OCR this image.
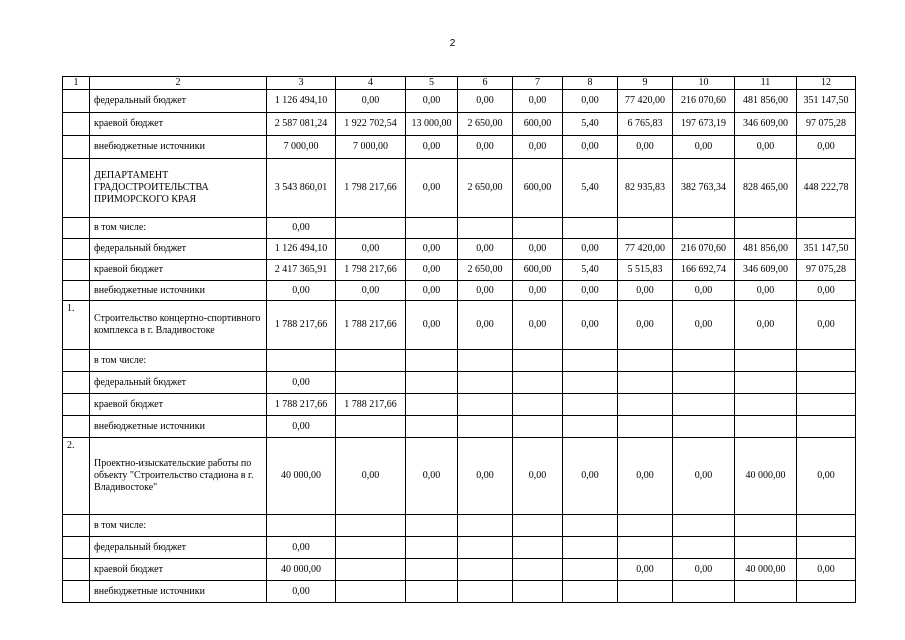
2
1	2	3	4	5	6	7	8	9	10	11	12
	федеральный бюджет	1 126 494,10	0,00	0,00	0,00	0,00	0,00	77 420,00	216 070,60	481 856,00	351 147,50
	краевой бюджет	2 587 081,24	1 922 702,54	13 000,00	2 650,00	600,00	5,40	6 765,83	197 673,19	346 609,00	97 075,28
	внебюджетные источники	7 000,00	7 000,00	0,00	0,00	0,00	0,00	0,00	0,00	0,00	0,00
	ДЕПАРТАМЕНТ ГРАДОСТРОИТЕЛЬСТВА ПРИМОРСКОГО КРАЯ	3 543 860,01	1 798 217,66	0,00	2 650,00	600,00	5,40	82 935,83	382 763,34	828 465,00	448 222,78
	в том числе:	0,00									
	федеральный бюджет	1 126 494,10	0,00	0,00	0,00	0,00	0,00	77 420,00	216 070,60	481 856,00	351 147,50
	краевой бюджет	2 417 365,91	1 798 217,66	0,00	2 650,00	600,00	5,40	5 515,83	166 692,74	346 609,00	97 075,28
	внебюджетные источники	0,00	0,00	0,00	0,00	0,00	0,00	0,00	0,00	0,00	0,00
1.	Строительство концертно-спортивного комплекса в г. Владивостоке	1 788 217,66	1 788 217,66	0,00	0,00	0,00	0,00	0,00	0,00	0,00	0,00
	в том числе:										
	федеральный бюджет	0,00									
	краевой бюджет	1 788 217,66	1 788 217,66								
	внебюджетные источники	0,00									
2.	Проектно-изыскательские работы по объекту "Строительство стадиона в г. Владивостоке"	40 000,00	0,00	0,00	0,00	0,00	0,00	0,00	0,00	40 000,00	0,00
	в том числе:										
	федеральный бюджет	0,00									
	краевой бюджет	40 000,00						0,00	0,00	40 000,00	0,00
	внебюджетные источники	0,00									
